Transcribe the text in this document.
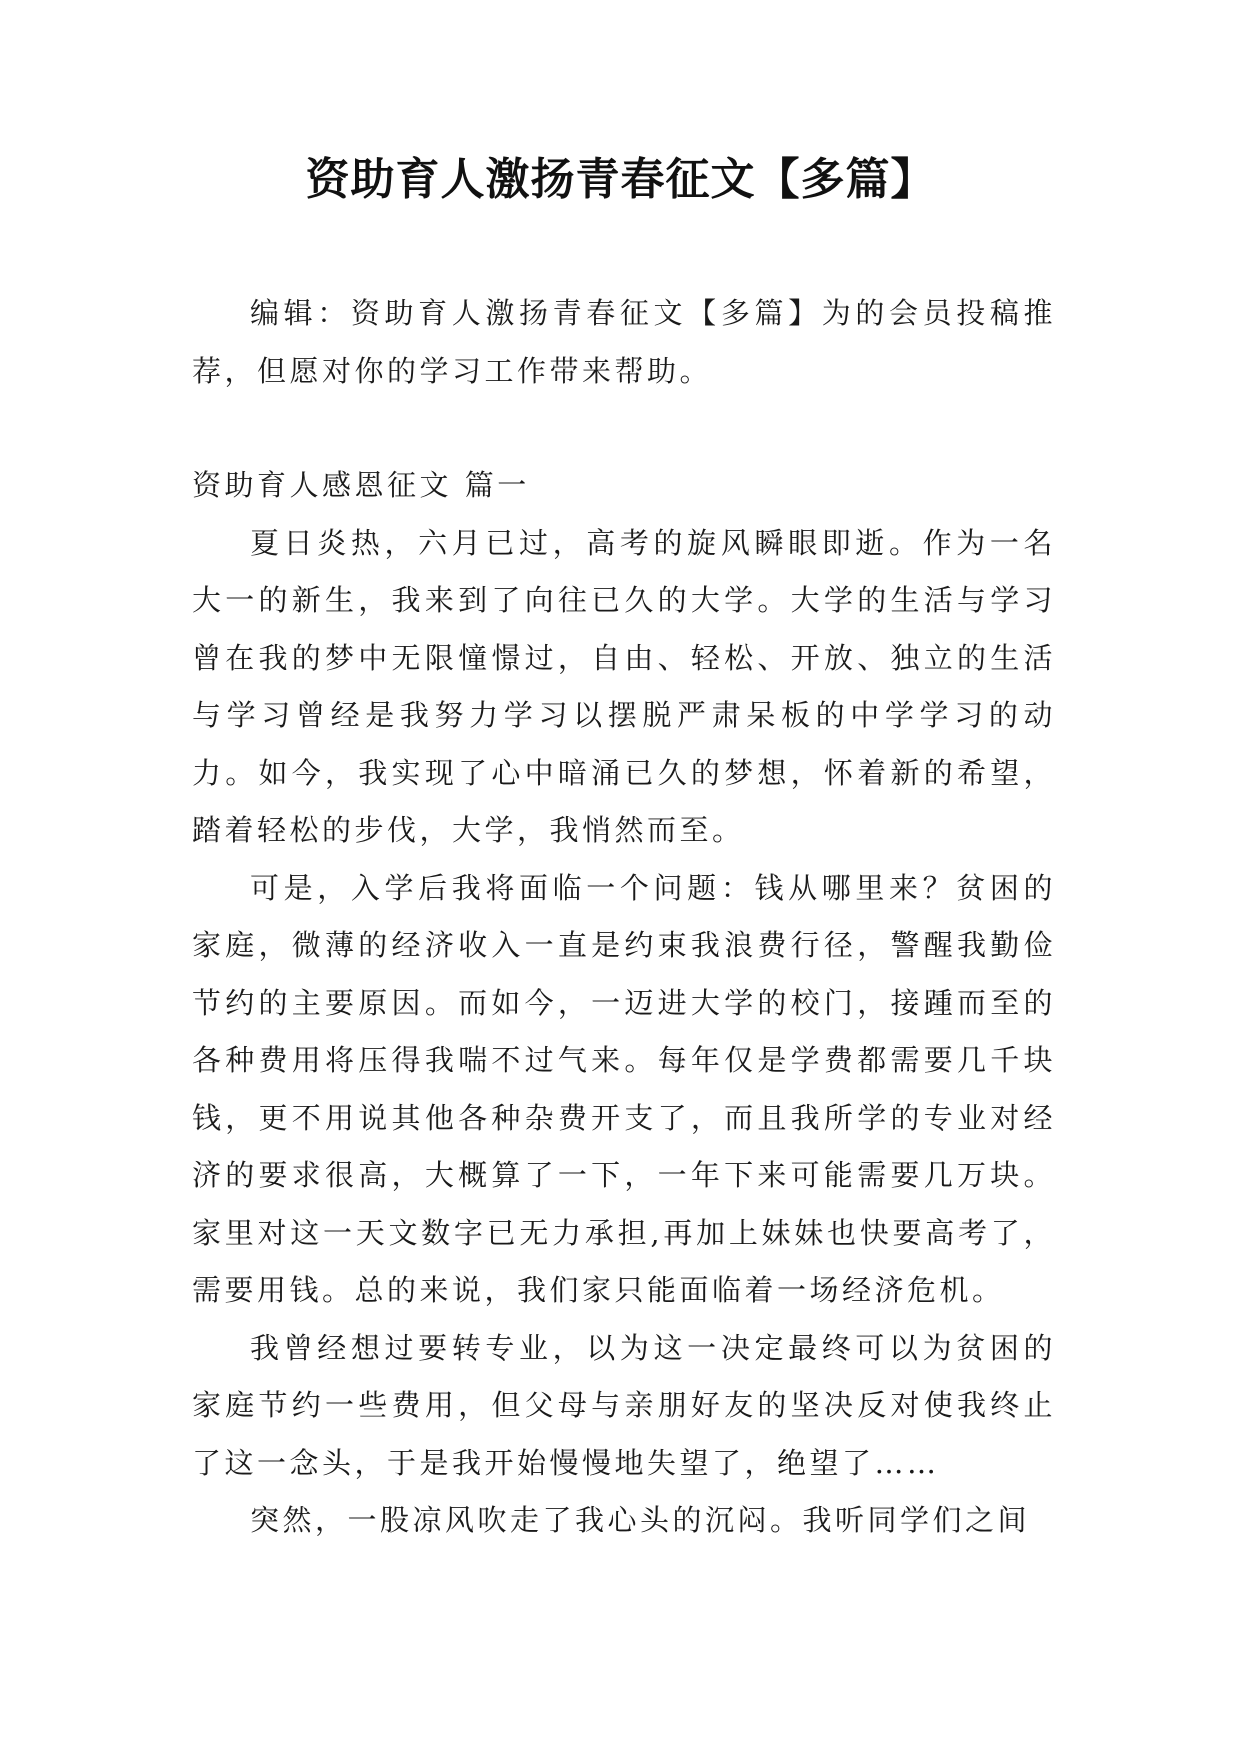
资助育人激扬青春征文【多篇】

编辑：资助育人激扬青春征文【多篇】为的会员投稿推荐，但愿对你的学习工作带来帮助。

资助育人感恩征文 篇一

夏日炎热，六月已过，高考的旋风瞬眼即逝。作为一名大一的新生，我来到了向往已久的大学。大学的生活与学习曾在我的梦中无限憧憬过，自由、轻松、开放、独立的生活与学习曾经是我努力学习以摆脱严肃呆板的中学学习的动力。如今，我实现了心中暗涌已久的梦想，怀着新的希望，踏着轻松的步伐，大学，我悄然而至。

可是，入学后我将面临一个问题：钱从哪里来？贫困的家庭，微薄的经济收入一直是约束我浪费行径，警醒我勤俭节约的主要原因。而如今，一迈进大学的校门，接踵而至的各种费用将压得我喘不过气来。每年仅是学费都需要几千块钱，更不用说其他各种杂费开支了，而且我所学的专业对经济的要求很高，大概算了一下，一年下来可能需要几万块。家里对这一天文数字已无力承担,再加上妹妹也快要高考了，需要用钱。总的来说，我们家只能面临着一场经济危机。

我曾经想过要转专业，以为这一决定最终可以为贫困的家庭节约一些费用，但父母与亲朋好友的坚决反对使我终止了这一念头，于是我开始慢慢地失望了，绝望了……

突然，一股凉风吹走了我心头的沉闷。我听同学们之间
